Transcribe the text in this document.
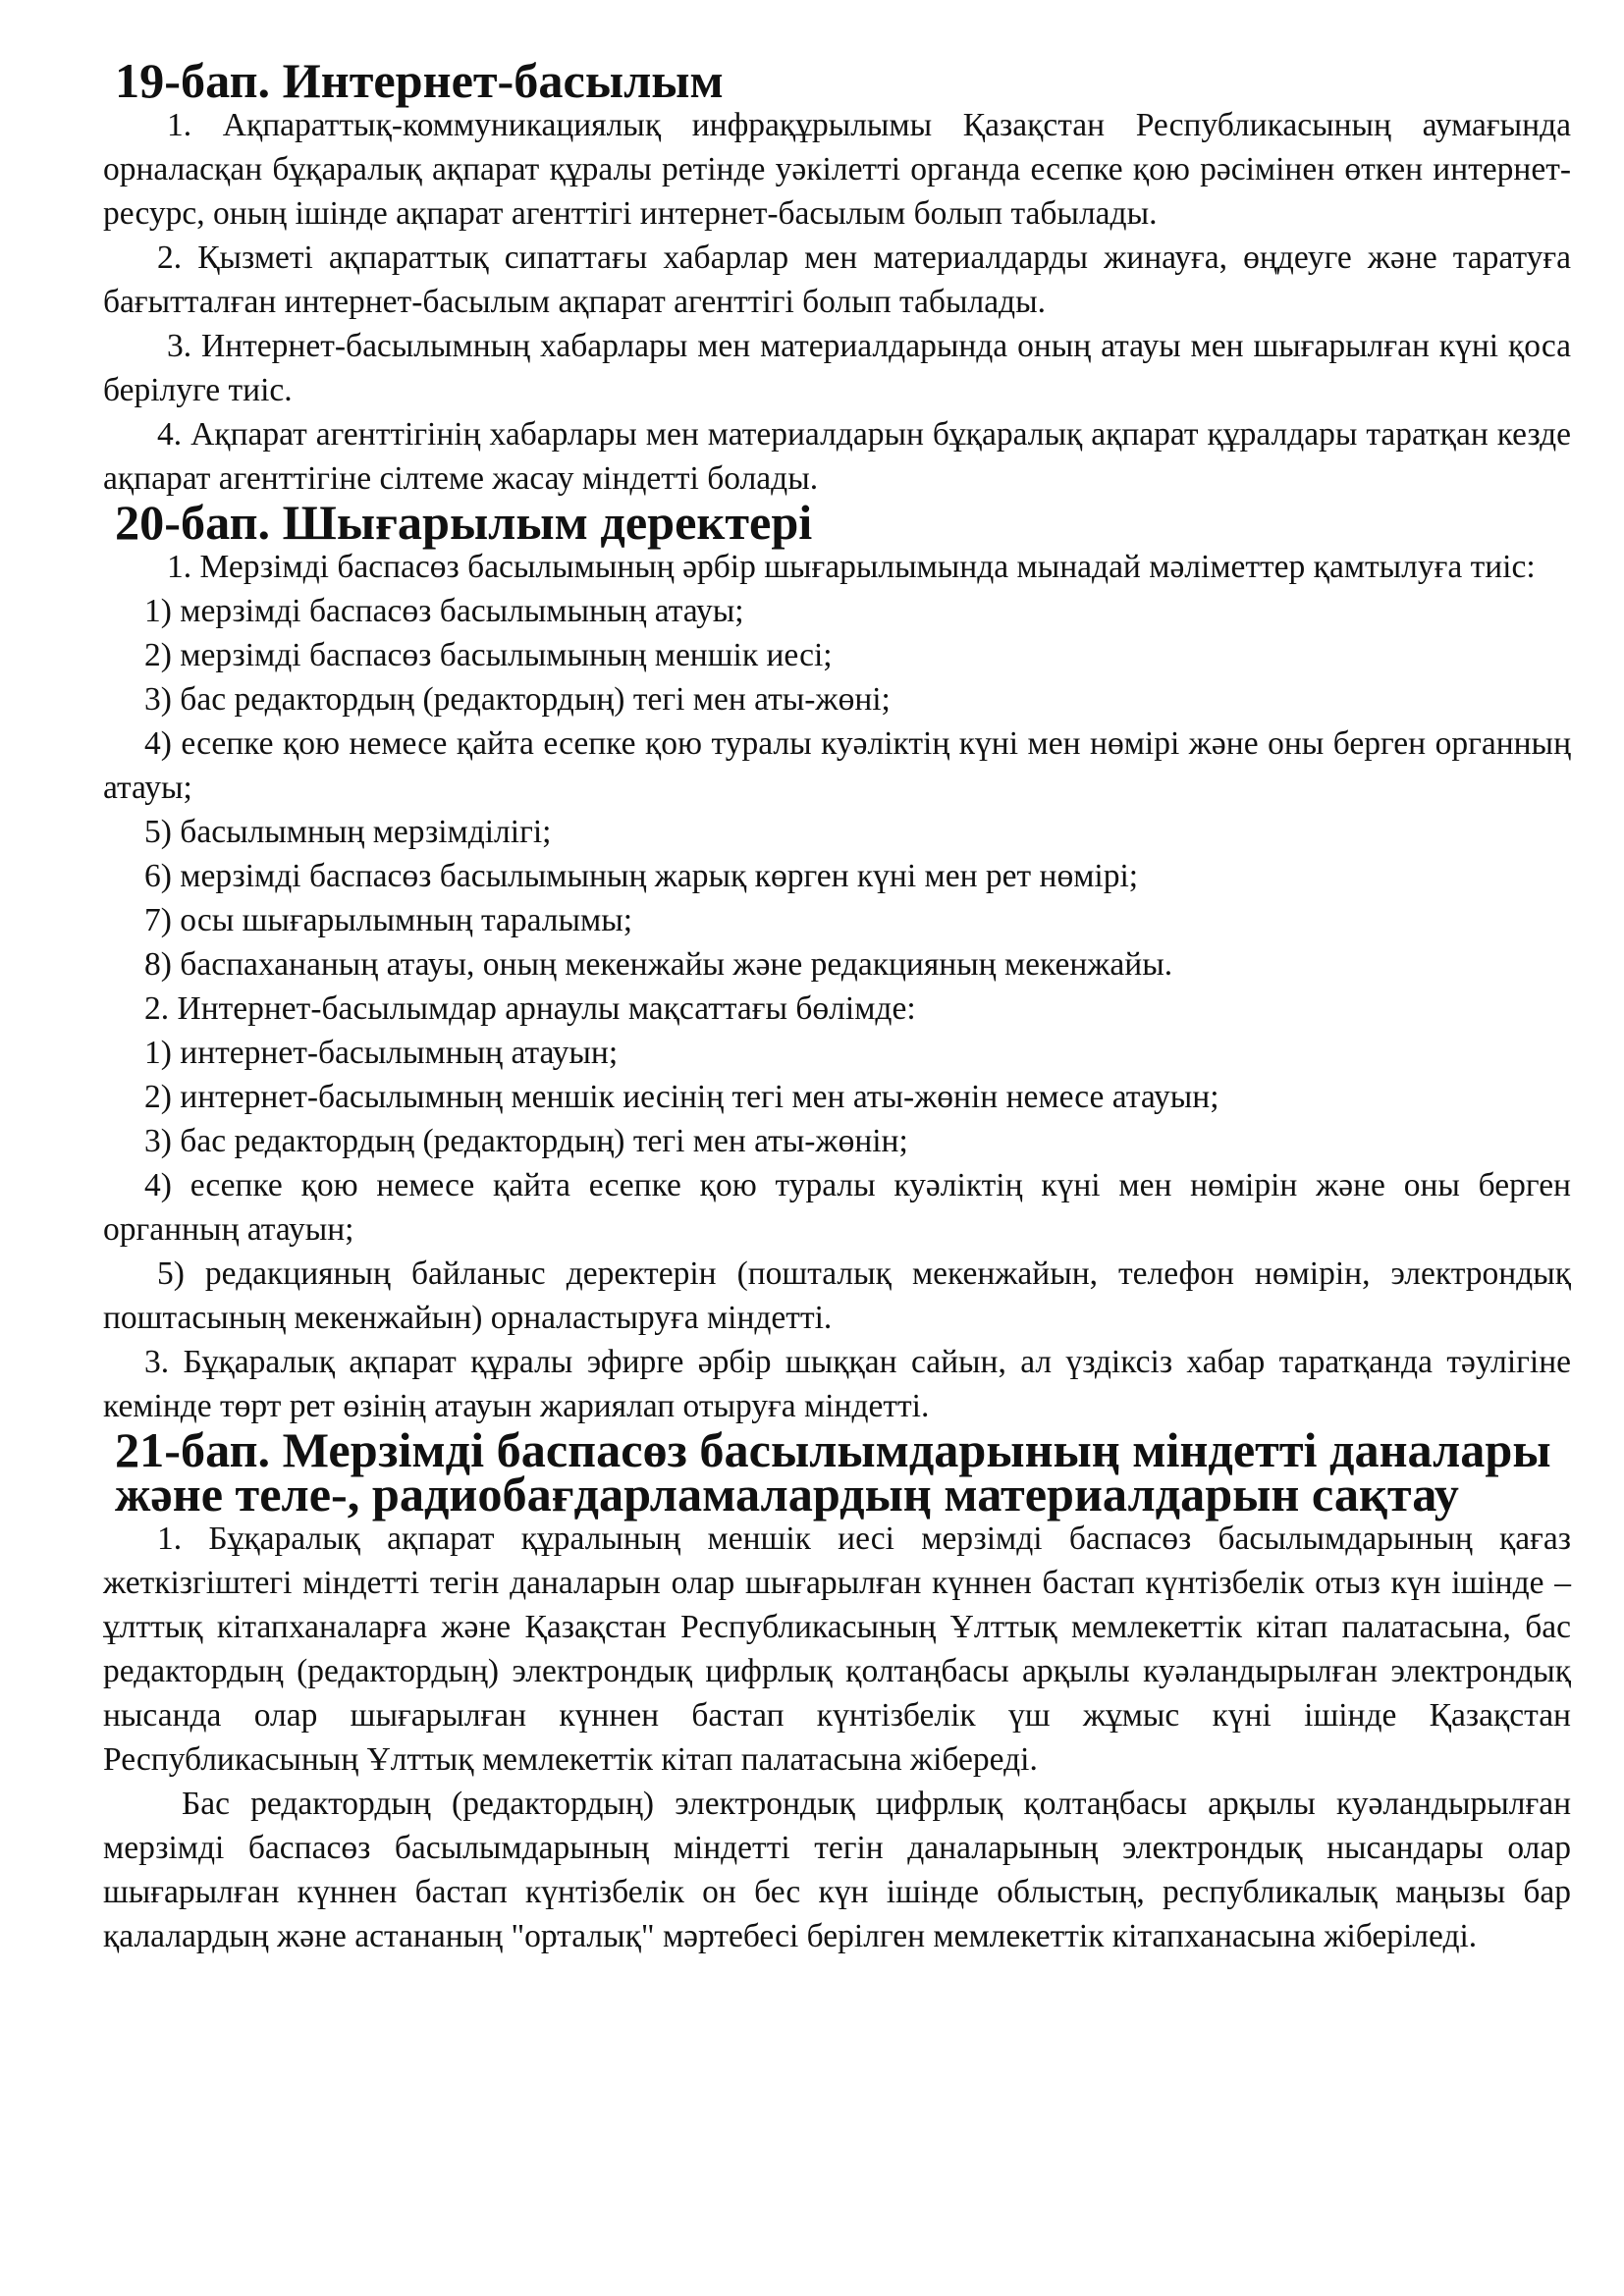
19-бап. Интернет-басылым

1. Ақпараттық-коммуникациялық инфрақұрылымы Қазақстан Республикасының аумағында орналасқан бұқаралық ақпарат құралы ретінде уәкілетті органда есепке қою рәсімінен өткен интернет-ресурс, оның ішінде ақпарат агенттігі интернет-басылым болып табылады.

2. Қызметі ақпараттық сипаттағы хабарлар мен материалдарды жинауға, өңдеуге және таратуға бағытталған интернет-басылым ақпарат агенттігі болып табылады.

3. Интернет-басылымның хабарлары мен материалдарында оның атауы мен шығарылған күні қоса берілуге тиіс.

4. Ақпарат агенттігінің хабарлары мен материалдарын бұқаралық ақпарат құралдары таратқан кезде ақпарат агенттігіне сілтеме жасау міндетті болады.

20-бап. Шығарылым деректері

1. Мерзімді баспасөз басылымының әрбір шығарылымында мынадай мәліметтер қамтылуға тиіс:

1) мерзімді баспасөз басылымының атауы;

2) мерзімді баспасөз басылымының меншік иесі;

3) бас редактордың (редактордың) тегі мен аты-жөні;

4) есепке қою немесе қайта есепке қою туралы куәліктің күні мен нөмірі және оны берген органның атауы;

5) басылымның мерзімділігі;

6) мерзімді баспасөз басылымының жарық көрген күні мен рет нөмірі;

7) осы шығарылымның таралымы;

8) баспахананың атауы, оның мекенжайы және редакцияның мекенжайы.

2. Интернет-басылымдар арнаулы мақсаттағы бөлімде:

1) интернет-басылымның атауын;

2) интернет-басылымның меншік иесінің тегі мен аты-жөнін немесе атауын;

3) бас редактордың (редактордың) тегі мен аты-жөнін;

4) есепке қою немесе қайта есепке қою туралы куәліктің күні мен нөмірін және оны берген органның атауын;

5) редакцияның байланыс деректерін (пошталық мекенжайын, телефон нөмірін, электрондық поштасының мекенжайын) орналастыруға міндетті.

3. Бұқаралық ақпарат құралы эфирге әрбір шыққан сайын, ал үздіксіз хабар таратқанда тәулігіне кемінде төрт рет өзінің атауын жариялап отыруға міндетті.

21-бап. Мерзімді баспасөз басылымдарының міндетті даналары және теле-, радиобағдарламалардың материалдарын сақтау

1. Бұқаралық ақпарат құралының меншік иесі мерзімді баспасөз басылымдарының қағаз жеткізгіштегі міндетті тегін даналарын олар шығарылған күннен бастап күнтізбелік отыз күн ішінде – ұлттық кітапханаларға және Қазақстан Республикасының Ұлттық мемлекеттік кітап палатасына, бас редактордың (редактордың) электрондық цифрлық қолтаңбасы арқылы куәландырылған электрондық нысанда олар шығарылған күннен бастап күнтізбелік үш жұмыс күні ішінде Қазақстан Республикасының Ұлттық мемлекеттік кітап палатасына жібереді.

Бас редактордың (редактордың) электрондық цифрлық қолтаңбасы арқылы куәландырылған мерзімді баспасөз басылымдарының міндетті тегін даналарының электрондық нысандары олар шығарылған күннен бастап күнтізбелік он бес күн ішінде облыстың, республикалық маңызы бар қалалардың және астананың "орталық" мәртебесі берілген мемлекеттік кітапханасына жіберіледі.
